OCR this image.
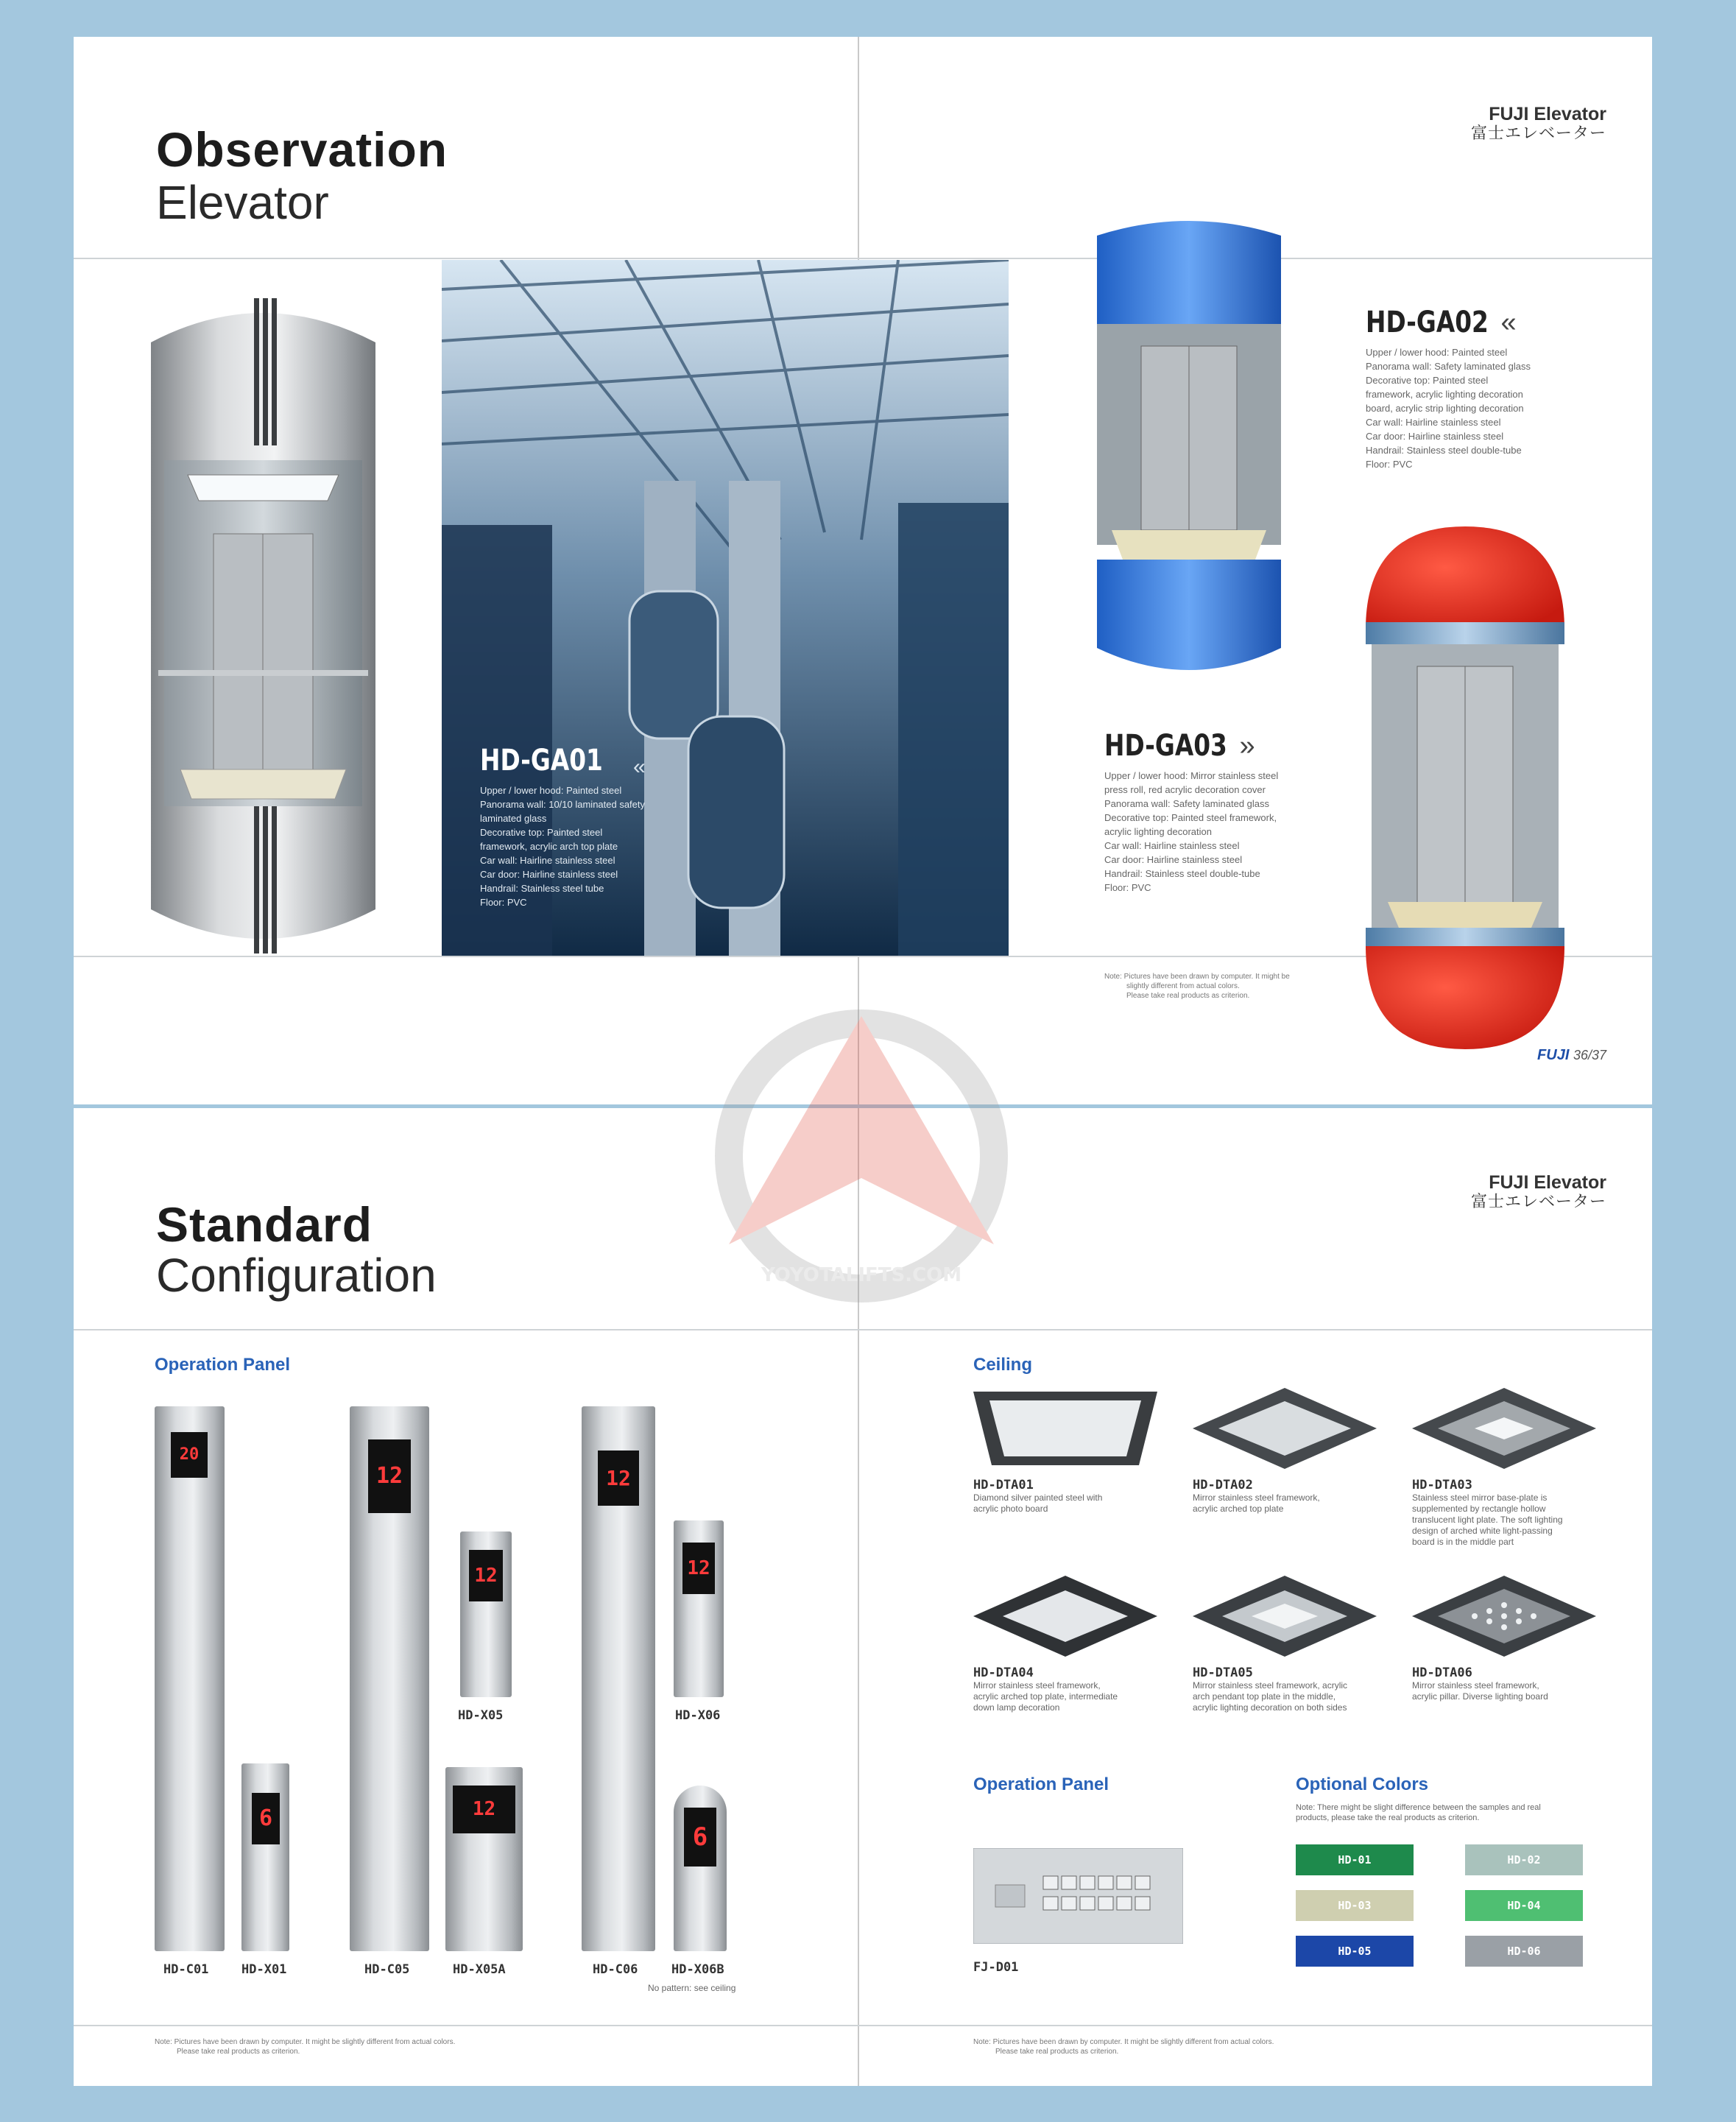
Observation
Elevator
FUJI Elevator
富士エレベーター
HD-GA01
Upper / lower hood: Painted steel
Panorama wall: 10/10 laminated safety
laminated glass
Decorative top: Painted steel
framework, acrylic arch top plate
Car wall: Hairline stainless steel
Car door: Hairline stainless steel
Handrail: Stainless steel tube
Floor: PVC
«
HD-GA02 «
Upper / lower hood: Painted steel
Panorama wall: Safety laminated glass
Decorative top: Painted steel
framework, acrylic lighting decoration
board, acrylic strip lighting decoration
Car wall: Hairline stainless steel
Car door: Hairline stainless steel
Handrail: Stainless steel double-tube
Floor: PVC
HD-GA03 »
Upper / lower hood: Mirror stainless steel
press roll, red acrylic decoration cover
Panorama wall: Safety laminated glass
Decorative top: Painted steel framework,
acrylic lighting decoration
Car wall: Hairline stainless steel
Car door: Hairline stainless steel
Handrail: Stainless steel double-tube
Floor: PVC
Note: Pictures have been drawn by computer. It might be
slightly different from actual colors.
Please take real products as criterion.
FUJI 36/37
Standard
Configuration
FUJI Elevator
富士エレベーター
Operation Panel
20
6
12
12
12
12
12
6
HD-C01	HD-X01	HD-C05
HD-X05
HD-X05A	HD-C06
HD-X06
HD-X06B
No pattern: see ceiling
Ceiling
HD-DTA01
Diamond silver painted steel with
acrylic photo board
HD-DTA02
Mirror stainless steel framework,
acrylic arched top plate
HD-DTA03
Stainless steel mirror base-plate is
supplemented by rectangle hollow
translucent light plate. The soft lighting
design of arched white light-passing
board is in the middle part
HD-DTA04
Mirror stainless steel framework,
acrylic arched top plate, intermediate
down lamp decoration
HD-DTA05
Mirror stainless steel framework, acrylic
arch pendant top plate in the middle,
acrylic lighting decoration on both sides
HD-DTA06
Mirror stainless steel framework,
acrylic pillar. Diverse lighting board
Operation Panel
FJ-D01
Optional Colors
Note: There might be slight difference between the samples and real
products, please take the real products as criterion.
HD-01	HD-02
HD-03	HD-04
HD-05	HD-06
Note: Pictures have been drawn by computer. It might be slightly different from actual colors.
Please take real products as criterion.
Note: Pictures have been drawn by computer. It might be slightly different from actual colors.
Please take real products as criterion.
YOYOTALIFTS.COM
